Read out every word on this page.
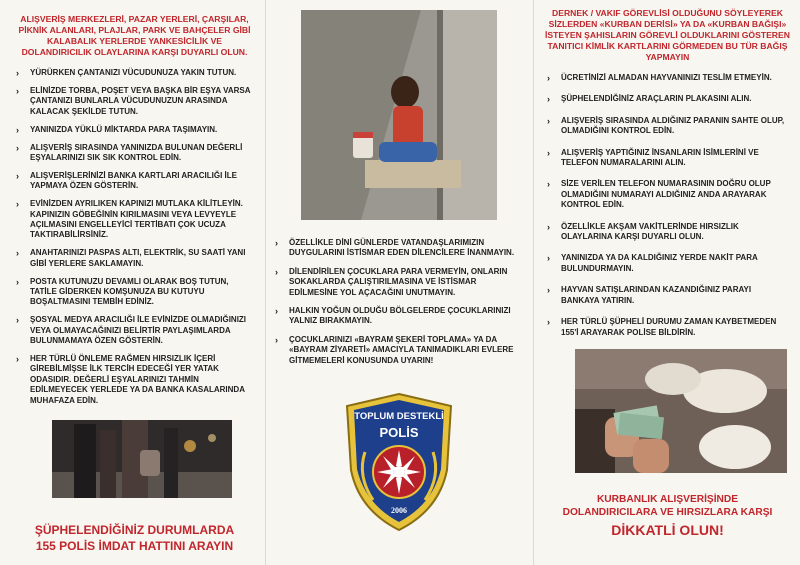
ALIŞVERİŞ MERKEZLERİ, PAZAR YERLERİ, ÇARŞILAR, PİKNİK ALANLARI, PLAJLAR, PARK VE BAHÇELER GİBİ KALABALIK YERLERDE YANKESİCİLİK VE DOLANDIRICILIK OLAYLARINA KARŞI DUYARLI OLUN.

› YÜRÜRKEN ÇANTANIZI VÜCUDUNUZA YAKIN TUTUN.
› ELİNİZDE TORBA, POŞET VEYA BAŞKA BİR EŞYA VARSA ÇANTANIZI BUNLARLA VÜCUDUNUZUN ARASINDA KALACAK ŞEKİLDE TUTUN.
› YANINIZDA YÜKLÜ MİKTARDA PARA TAŞIMAYIN.
› ALIŞVERİŞ SIRASINDA YANINIZDA BULUNAN DEĞERLİ EŞYALARINIZI SIK SIK KONTROL EDİN.
› ALIŞVERİŞLERİNİZİ BANKA KARTLARI ARACILIĞI İLE YAPMAYA ÖZEN GÖSTERİN.
› EVİNİZDEN AYRILIKEN KAPINIZI MUTLAKA KİLİTLEYİN. KAPINIZIN GÖBEĞİNİN KIRILMASINI VEYA LEVYEYLE AÇILMASINI ENGELLEYİCİ TERTİBATI ÇOK UCUZA TAKTIRABİLİRSİNİZ.
› ANAHTARINIZI PASPAS ALTI, ELEKTRİK, SU SAATİ YANI GİBİ YERLERE SAKLAMAYIN.
› POSTA KUTUNUZU DEVAMLI OLARAK BOŞ TUTUN, TATİLE GİDERKEN KOMŞUNUZA BU KUTUYU BOŞALTMASINI TEMBİH EDİNİZ.
› ŞOSYAL MEDYA ARACILIĞI İLE EVİNİZDE OLMADIĞINIZI VEYA OLMAYACAĞINIZI BELİRTİR PAYLAŞIMLARDA BULUNMAMAYA ÖZEN GÖSTERİN.
› HER TÜRLÜ ÖNLEME RAĞMEN HIRSIZLIK İÇERİ GİREBİLMİŞSE İLK TERCİH EDECEĞİ YER YATAK ODASIDIR. DEĞERLİ EŞYALARINIZI TAHMİN EDİLMEYECEK YERLEDE YA DA BANKA KASALARINDA MUHAFAZA EDİN.
ŞÜPHELENDİĞİNİZ DURUMLARDA
155 POLİS İMDAT HATTINI ARAYIN
› ÖZELLİKLE DİNİ GÜNLERDE VATANDAŞLARIMIZIN DUYGULARINI İSTİSMAR EDEN DİLENCİLERE İNANMAYIN.
› DİLENDİRİLEN ÇOCUKLARA PARA VERMEYİN, ONLARIN SOKAKLARDA ÇALIŞTIRILMASINA VE İSTİSMAR EDİLMESİNE YOL AÇACAĞINI UNUTMAYIN.
› HALKIN YOĞUN OLDUĞU BÖLGELERDE ÇOCUKLARINIZI YALNIZ BIRAKMAYIN.
› ÇOCUKLARINIZI «BAYRAM ŞEKERİ TOPLAMA» YA DA «BAYRAM ZİYARETİ» AMACIYLA TANIMADIKLARI EVLERE GİTMEMELERİ KONUSUNDA UYARIN!
TOPLUM DESTEKLİ
POLİS
2006

DERNEK / VAKIF GÖREVLİSİ OLDUĞUNU SÖYLEYEREK SİZLERDEN «KURBAN DERİSİ» YA DA «KURBAN BAĞIŞI» İSTEYEN ŞAHISLARIN GÖREVLİ OLDUKLARINI GÖSTEREN TANITICI KİMLİK KARTLARINI GÖRMEDEN BU TÜR BAĞIŞ YAPMAYIN

› ÜCRETİNİZİ ALMADAN HAYVANINIZI TESLİM ETMEYİN.
› ŞÜPHELENDİĞİNİZ ARAÇLARIN PLAKASINI ALIN.
› ALIŞVERİŞ SIRASINDA ALDIĞINIZ PARANIN SAHTE OLUP, OLMADIĞINI KONTROL EDİN.
› ALIŞVERİŞ YAPTIĞINIZ İNSANLARIN İSİMLERİNİ VE TELEFON NUMARALARINI ALIN.
› SİZE VERİLEN TELEFON NUMARASININ DOĞRU OLUP OLMADIĞINI NUMARAYI ALDIĞINIZ ANDA ARAYARAK KONTROL EDİN.
› ÖZELLİKLE AKŞAM VAKİTLERİNDE HIRSIZLIK OLAYLARINA KARŞI DUYARLI OLUN.
› YANINIZDA YA DA KALDIĞINIZ YERDE NAKİT PARA BULUNDURMAYIN.
› HAYVAN SATIŞLARINDAN KAZANDIĞINIZ PARAYI BANKAYA YATIRIN.
› HER TÜRLÜ ŞÜPHELİ DURUMU ZAMAN KAYBETMEDEN 155'İ ARAYARAK POLİSE BİLDİRİN.
KURBANLIK ALIŞVERİŞİNDE
DOLANDIRICILARA VE HIRSIZLARA KARŞI
DİKKATLİ OLUN!
